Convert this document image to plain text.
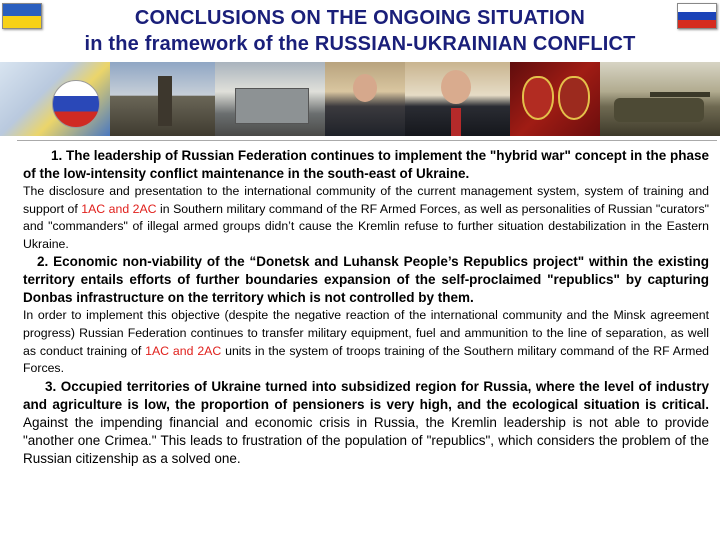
CONCLUSIONS ON THE ONGOING SITUATION
in the framework of the RUSSIAN-UKRAINIAN CONFLICT

1. The leadership of Russian Federation continues to implement the "hybrid war" concept in the phase of the low-intensity conflict maintenance in the south-east of Ukraine.

The disclosure and presentation to the international community of the current management system, system of training and support of 1AC and 2AC in Southern military command of the RF Armed Forces, as well as personalities of Russian "curators" and "commanders" of illegal armed groups didn’t cause the Kremlin refuse to further situation destabilization in the Eastern Ukraine.

2. Economic non-viability of the “Donetsk and Luhansk People’s Republics project" within the existing territory entails efforts of further boundaries expansion of the self-proclaimed "republics" by capturing Donbas infrastructure on the territory which is not controlled by them.

In order to implement this objective (despite the negative reaction of the international community and the Minsk agreement progress) Russian Federation continues to transfer military equipment, fuel and ammunition to the line of separation, as well as conduct training of 1AC and 2AC units in the system of troops training of the Southern military command of the RF Armed Forces.

3. Occupied territories of Ukraine turned into subsidized region for Russia, where the level of industry and agriculture is low, the proportion of pensioners is very high, and the ecological situation is critical. Against the impending financial and economic crisis in Russia, the Kremlin leadership is not able to provide "another one Crimea." This leads to frustration of the population of "republics", which considers the problem of the Russian citizenship as a solved one.
